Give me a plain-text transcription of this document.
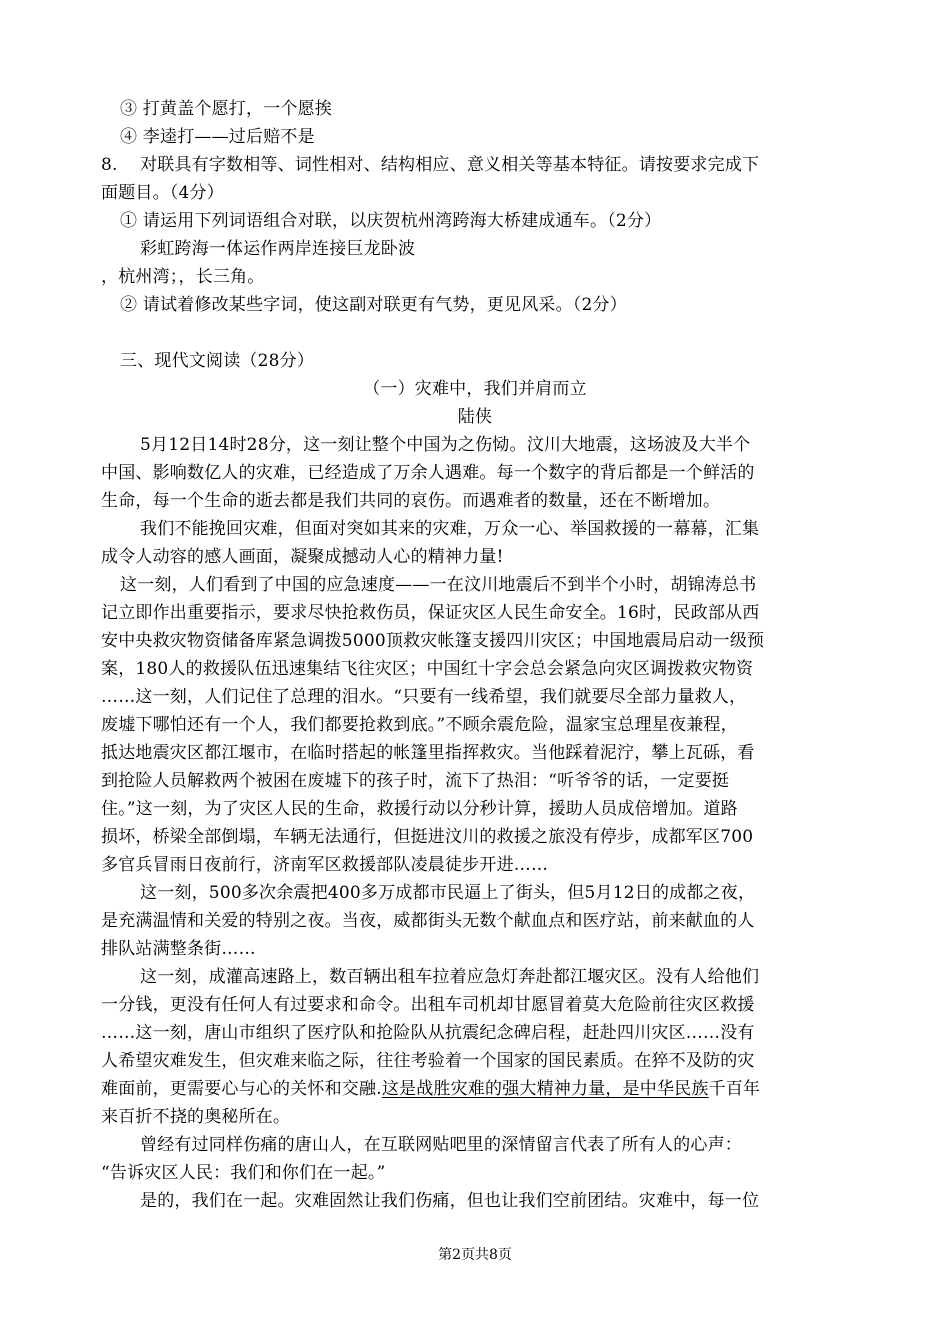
③ 打黄盖个愿打，一个愿挨
④ 李逵打——过后赔不是
8.    对联具有字数相等、词性相对、结构相应、意义相关等基本特征。请按要求完成下
面题目。（4分）
① 请运用下列词语组合对联，以庆贺杭州湾跨海大桥建成通车。（2分）
彩虹跨海一体运作两岸连接巨龙卧波
，杭州湾；，长三角。
② 请试着修改某些字词，使这副对联更有气势，更见风采。（2分）
三、现代文阅读（28分）
（一）灾难中，我们并肩而立
陆侠
5月12日14时28分，这一刻让整个中国为之伤恸。汶川大地震，这场波及大半个
中国、影响数亿人的灾难，已经造成了万余人遇难。每一个数字的背后都是一个鲜活的
生命，每一个生命的逝去都是我们共同的哀伤。而遇难者的数量，还在不断增加。
我们不能挽回灾难，但面对突如其来的灾难，万众一心、举国救援的一幕幕，汇集
成令人动容的感人画面，凝聚成撼动人心的精神力量!
这一刻，人们看到了中国的应急速度——一在汶川地震后不到半个小时，胡锦涛总书
记立即作出重要指示，要求尽快抢救伤员，保证灾区人民生命安全。16时，民政部从西
安中央救灾物资储备库紧急调拨5000顶救灾帐篷支援四川灾区；中国地震局启动一级预
案，180人的救援队伍迅速集结飞往灾区；中国红十字会总会紧急向灾区调拨救灾物资
……这一刻，人们记住了总理的泪水。“只要有一线希望，我们就要尽全部力量救人，
废墟下哪怕还有一个人，我们都要抢救到底。”不顾余震危险，温家宝总理星夜兼程，
抵达地震灾区都江堰市，在临时搭起的帐篷里指挥救灾。当他踩着泥泞，攀上瓦砾，看
到抢险人员解救两个被困在废墟下的孩子时，流下了热泪：“听爷爷的话，一定要挺
住。”这一刻，为了灾区人民的生命，救援行动以分秒计算，援助人员成倍增加。道路
损坏，桥梁全部倒塌，车辆无法通行，但挺进汶川的救援之旅没有停步，成都军区700
多官兵冒雨日夜前行，济南军区救援部队凌晨徒步开进……
这一刻，500多次余震把400多万成都市民逼上了街头，但5月12日的成都之夜，
是充满温情和关爱的特别之夜。当夜，威都街头无数个献血点和医疗站，前来献血的人
排队站满整条街……
这一刻，成灌高速路上，数百辆出租车拉着应急灯奔赴都江堰灾区。没有人给他们
一分钱，更没有任何人有过要求和命令。出租车司机却甘愿冒着莫大危险前往灾区救援
……这一刻，唐山市组织了医疗队和抢险队从抗震纪念碑启程，赶赴四川灾区……没有
人希望灾难发生，但灾难来临之际，往往考验着一个国家的国民素质。在猝不及防的灾
难面前，更需要心与心的关怀和交融.这是战胜灾难的强大精神力量，是中华民族千百年
来百折不挠的奥秘所在。
曾经有过同样伤痛的唐山人，在互联网贴吧里的深情留言代表了所有人的心声：
“告诉灾区人民：我们和你们在一起。”
是的，我们在一起。灾难固然让我们伤痛，但也让我们空前团结。灾难中，每一位
第2页共8页
